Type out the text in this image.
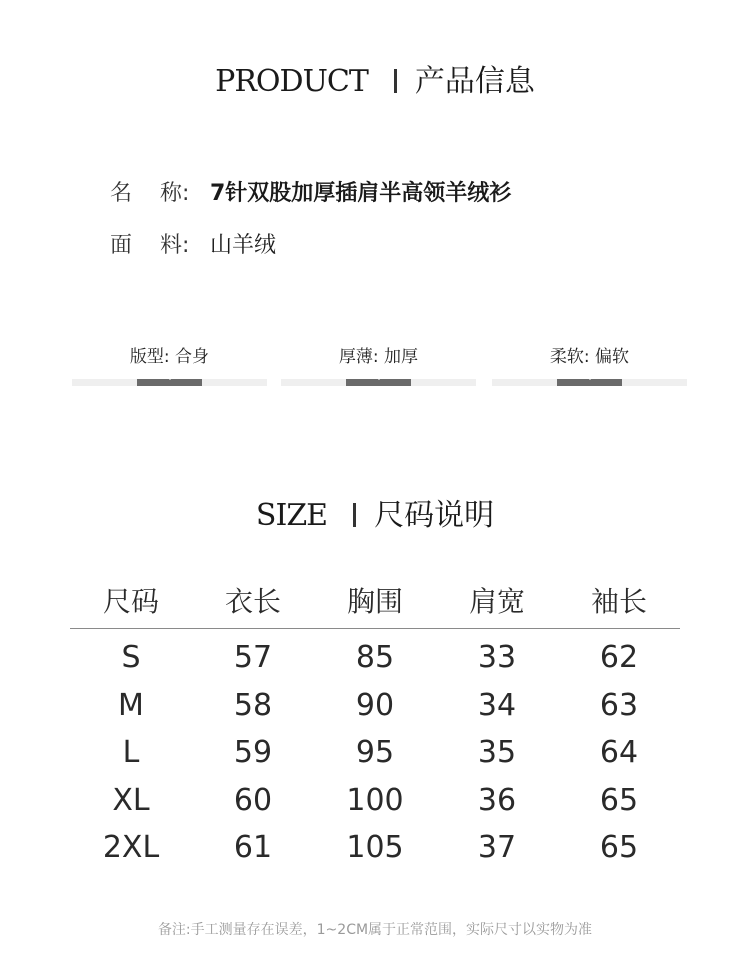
PRODUCT 产品信息
名 称: 7针双股加厚插肩半高领羊绒衫
面 料: 山羊绒
版型: 合身	厚薄: 加厚	柔软: 偏软
SIZE 尺码说明
尺码	衣长	胸围	肩宽	袖长
S	57	85	33	62
M	58	90	34	63
L	59	95	35	64
XL	60	100	36	65
2XL	61	105	37	65
备注:手工测量存在误差，1~2CM属于正常范围，实际尺寸以实物为准
